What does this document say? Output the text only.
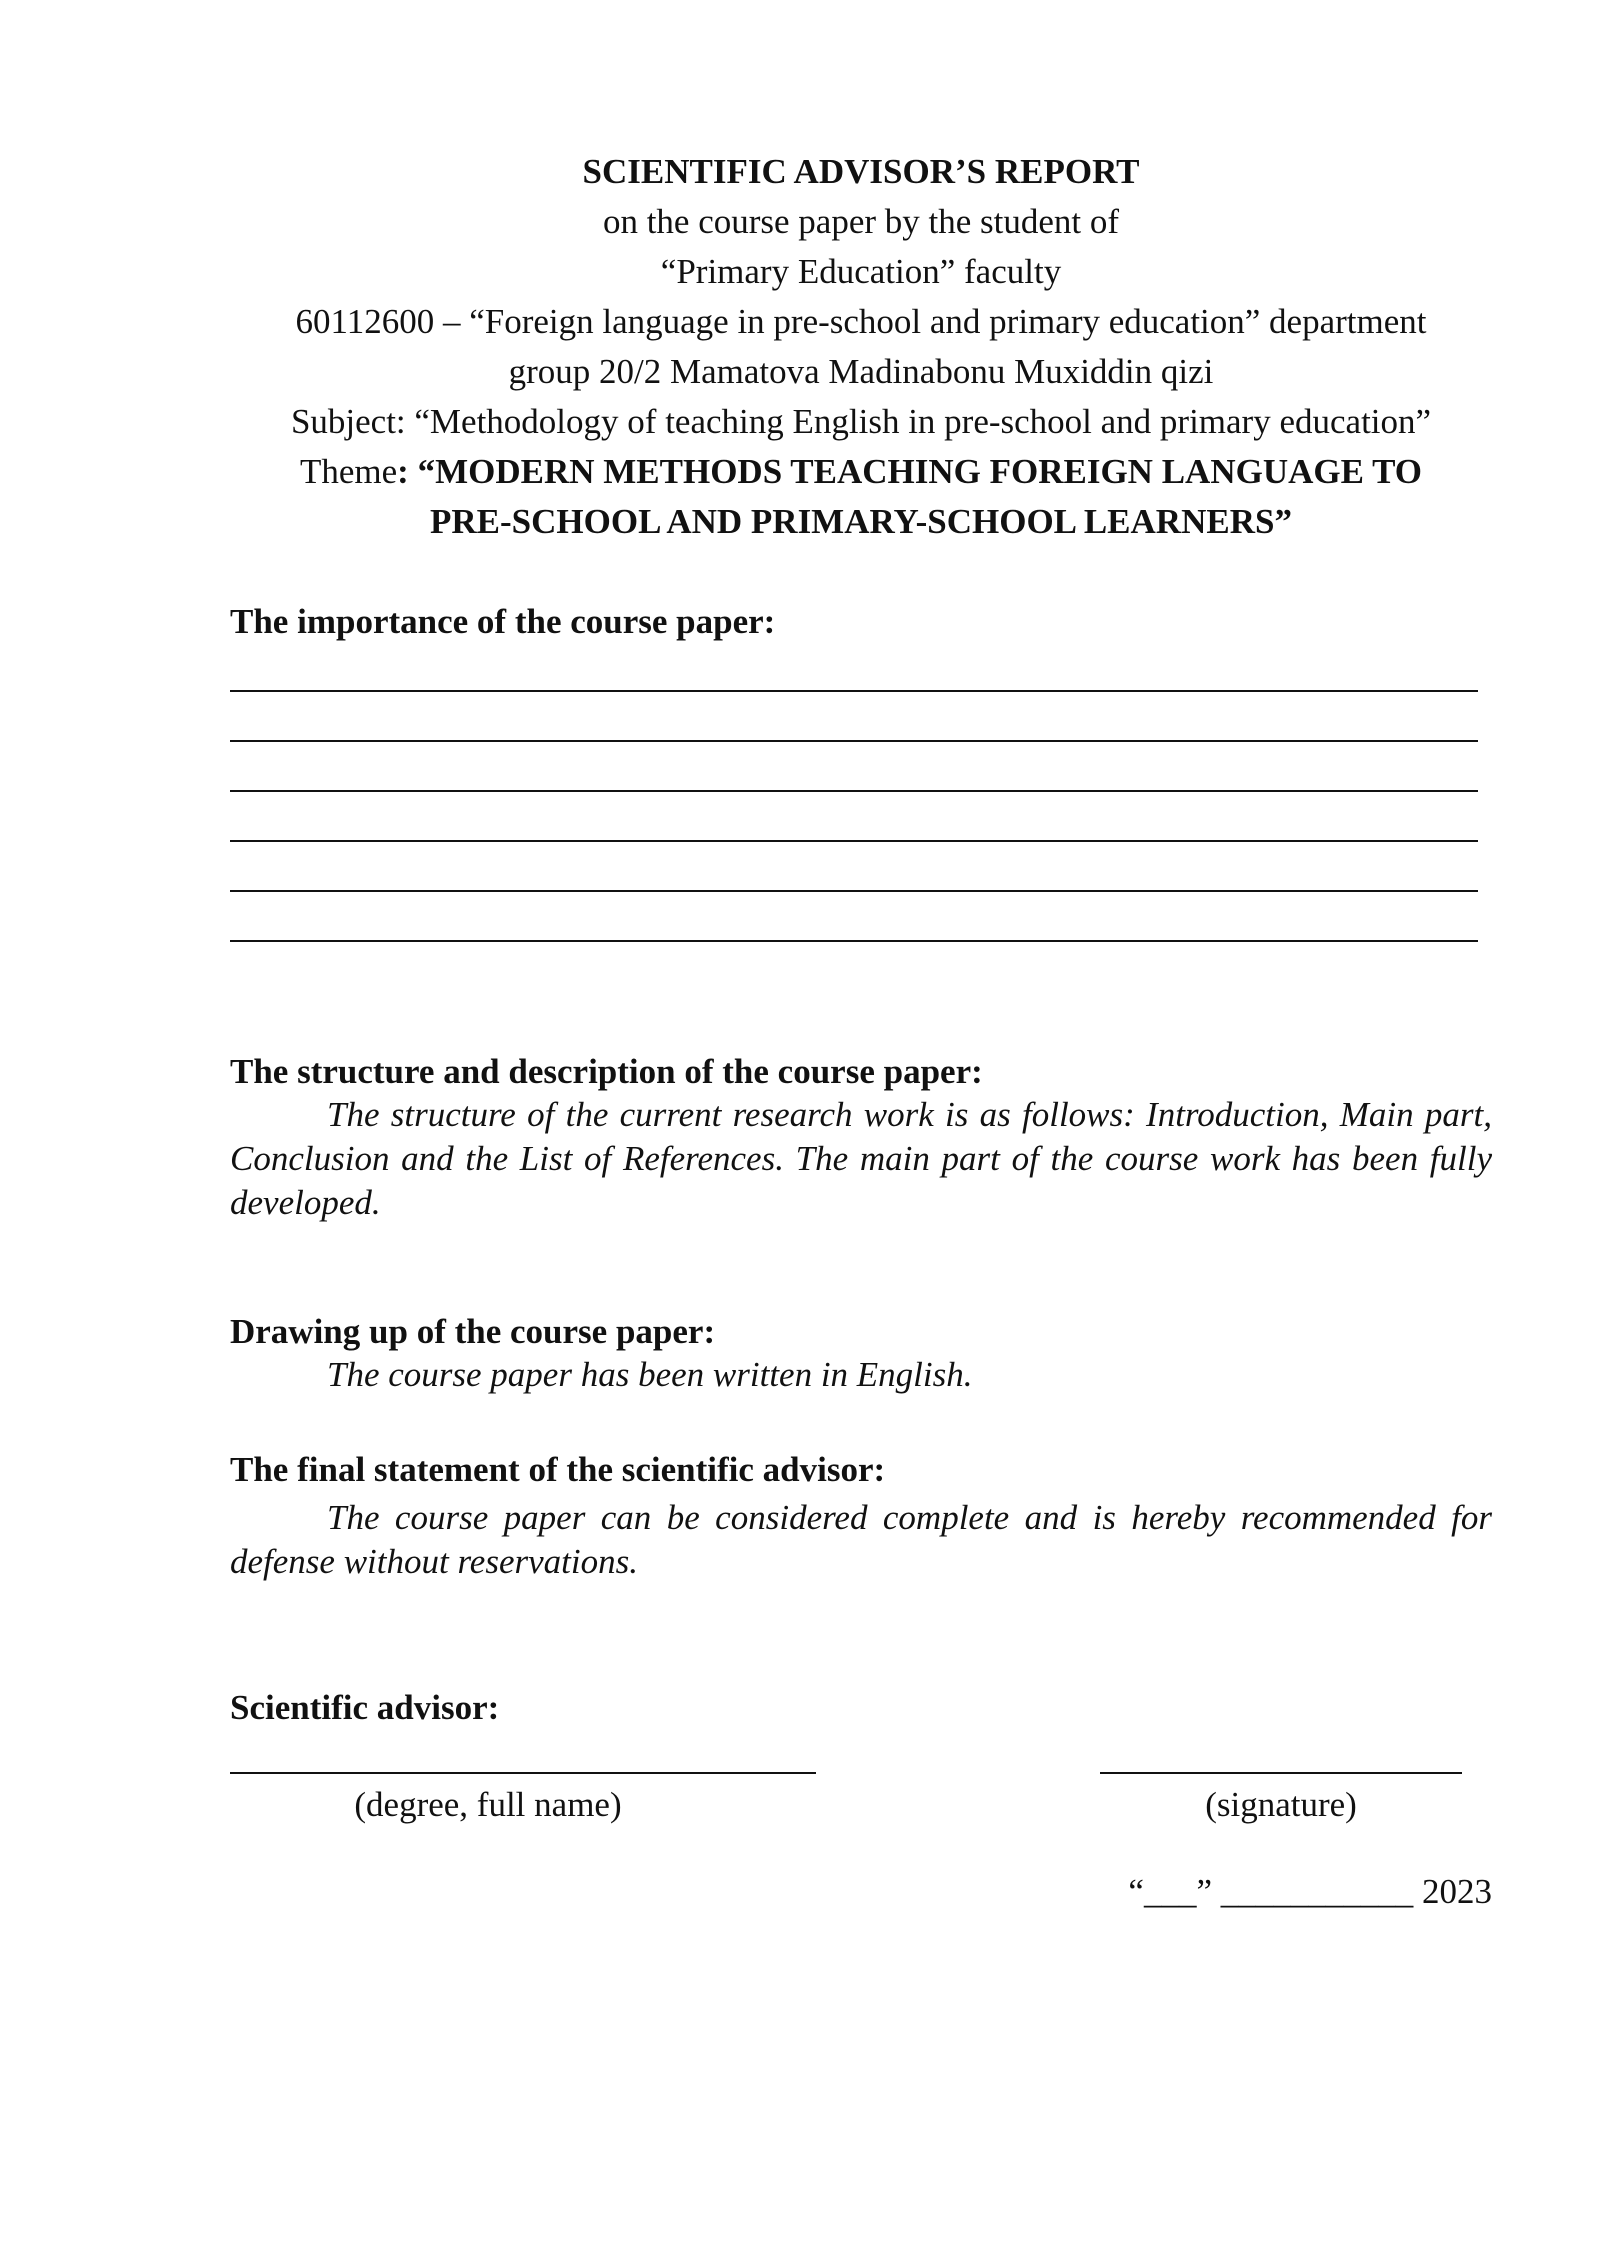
SCIENTIFIC ADVISOR’S REPORT
on the course paper by the student of
“Primary Education” faculty
60112600 – “Foreign language in pre-school and primary education” department
group 20/2 Mamatova Madinabonu Muxiddin qizi
Subject: “Methodology of teaching English in pre-school and primary education”
Theme: “MODERN METHODS TEACHING FOREIGN LANGUAGE TO
PRE-SCHOOL AND PRIMARY-SCHOOL LEARNERS”
The importance of the course paper:
The structure and description of the course paper:
The structure of the current research work is as follows: Introduction, Main part, Conclusion and the List of References. The main part of the course work has been fully developed.
Drawing up of the course paper:
The course paper has been written in English.
The final statement of the scientific advisor:
The course paper can be considered complete and is hereby recommended for defense without reservations.
Scientific advisor:
(degree, full name)	(signature)
“___” ___________ 2023
